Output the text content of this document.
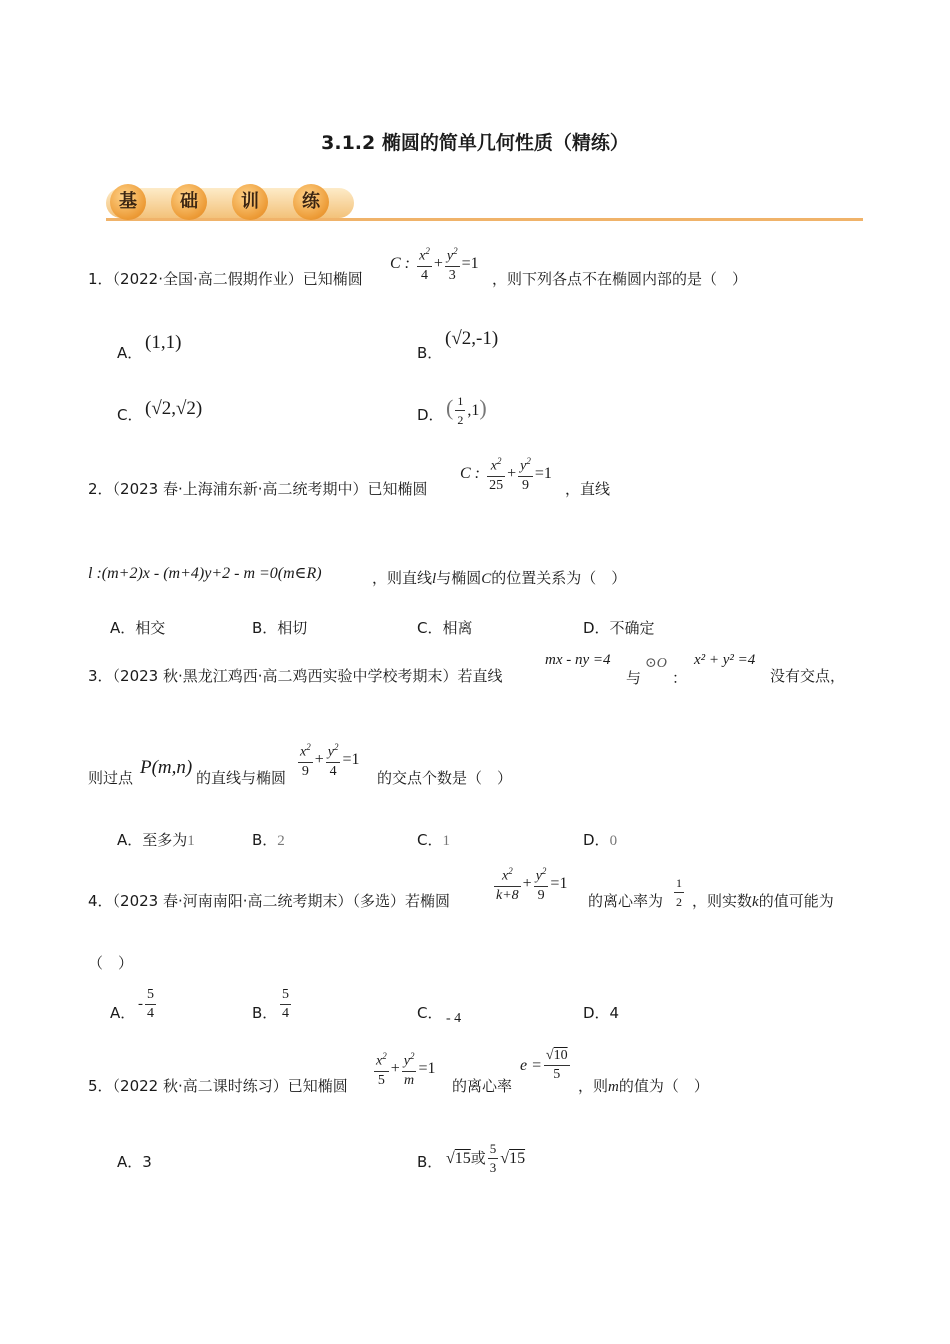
3.1.2 椭圆的简单几何性质（精练）
基	础	训	练
1．（2022·全国·高二假期作业）已知椭圆
C : $\frac{x^2}{4} + \frac{y^2}{3} =1$
，则下列各点不在椭圆内部的是（　）
A． (1,1)	B．
(√2,-1)
C． (√2,√2)	D． ( $\frac{1}{2} ,1$)
2．（2023 春·上海浦东新·高二统考期中）已知椭圆
C : $\frac{x^2}{25} + \frac{y^2}{9} =1$
，直线
l :(m+2)x - (m+4)y+2 - m =0(m∈R)	，则直线l与椭圆C的位置关系为（　）
A．相交	B．相切	C．相离	D．不确定
3．（2023 秋·黑龙江鸡西·高二鸡西实验中学校考期末）若直线
mx - ny =4
与
⊙O
：
x² + y² =4
没有交点，
则过点 P(m,n) 的直线与椭圆 $\frac{x^2}{9} + \frac{y^2}{4} =1$
的交点个数是（　）
A．至多为1	B．2	C．1	D．0
4．（2023 春·河南南阳·高二统考期末）（多选）若椭圆	$\frac{x^2}{k+8} + \frac{y^2}{9} =1$
的离心率为 $\frac{1}{2}$ ，则实数k的值可能为
（　）
A． - $\frac{5}{4}$	B． $\frac{5}{4}$	C． - 4	D．4
5．（2022 秋·高二课时练习）已知椭圆 $\frac{x^2}{5} + \frac{y^2}{m} =1$
的离心率
$e = \frac{√10}{5}$
，则m的值为（　）
A．3	B． √15或 $\frac{5}{3} √15$
